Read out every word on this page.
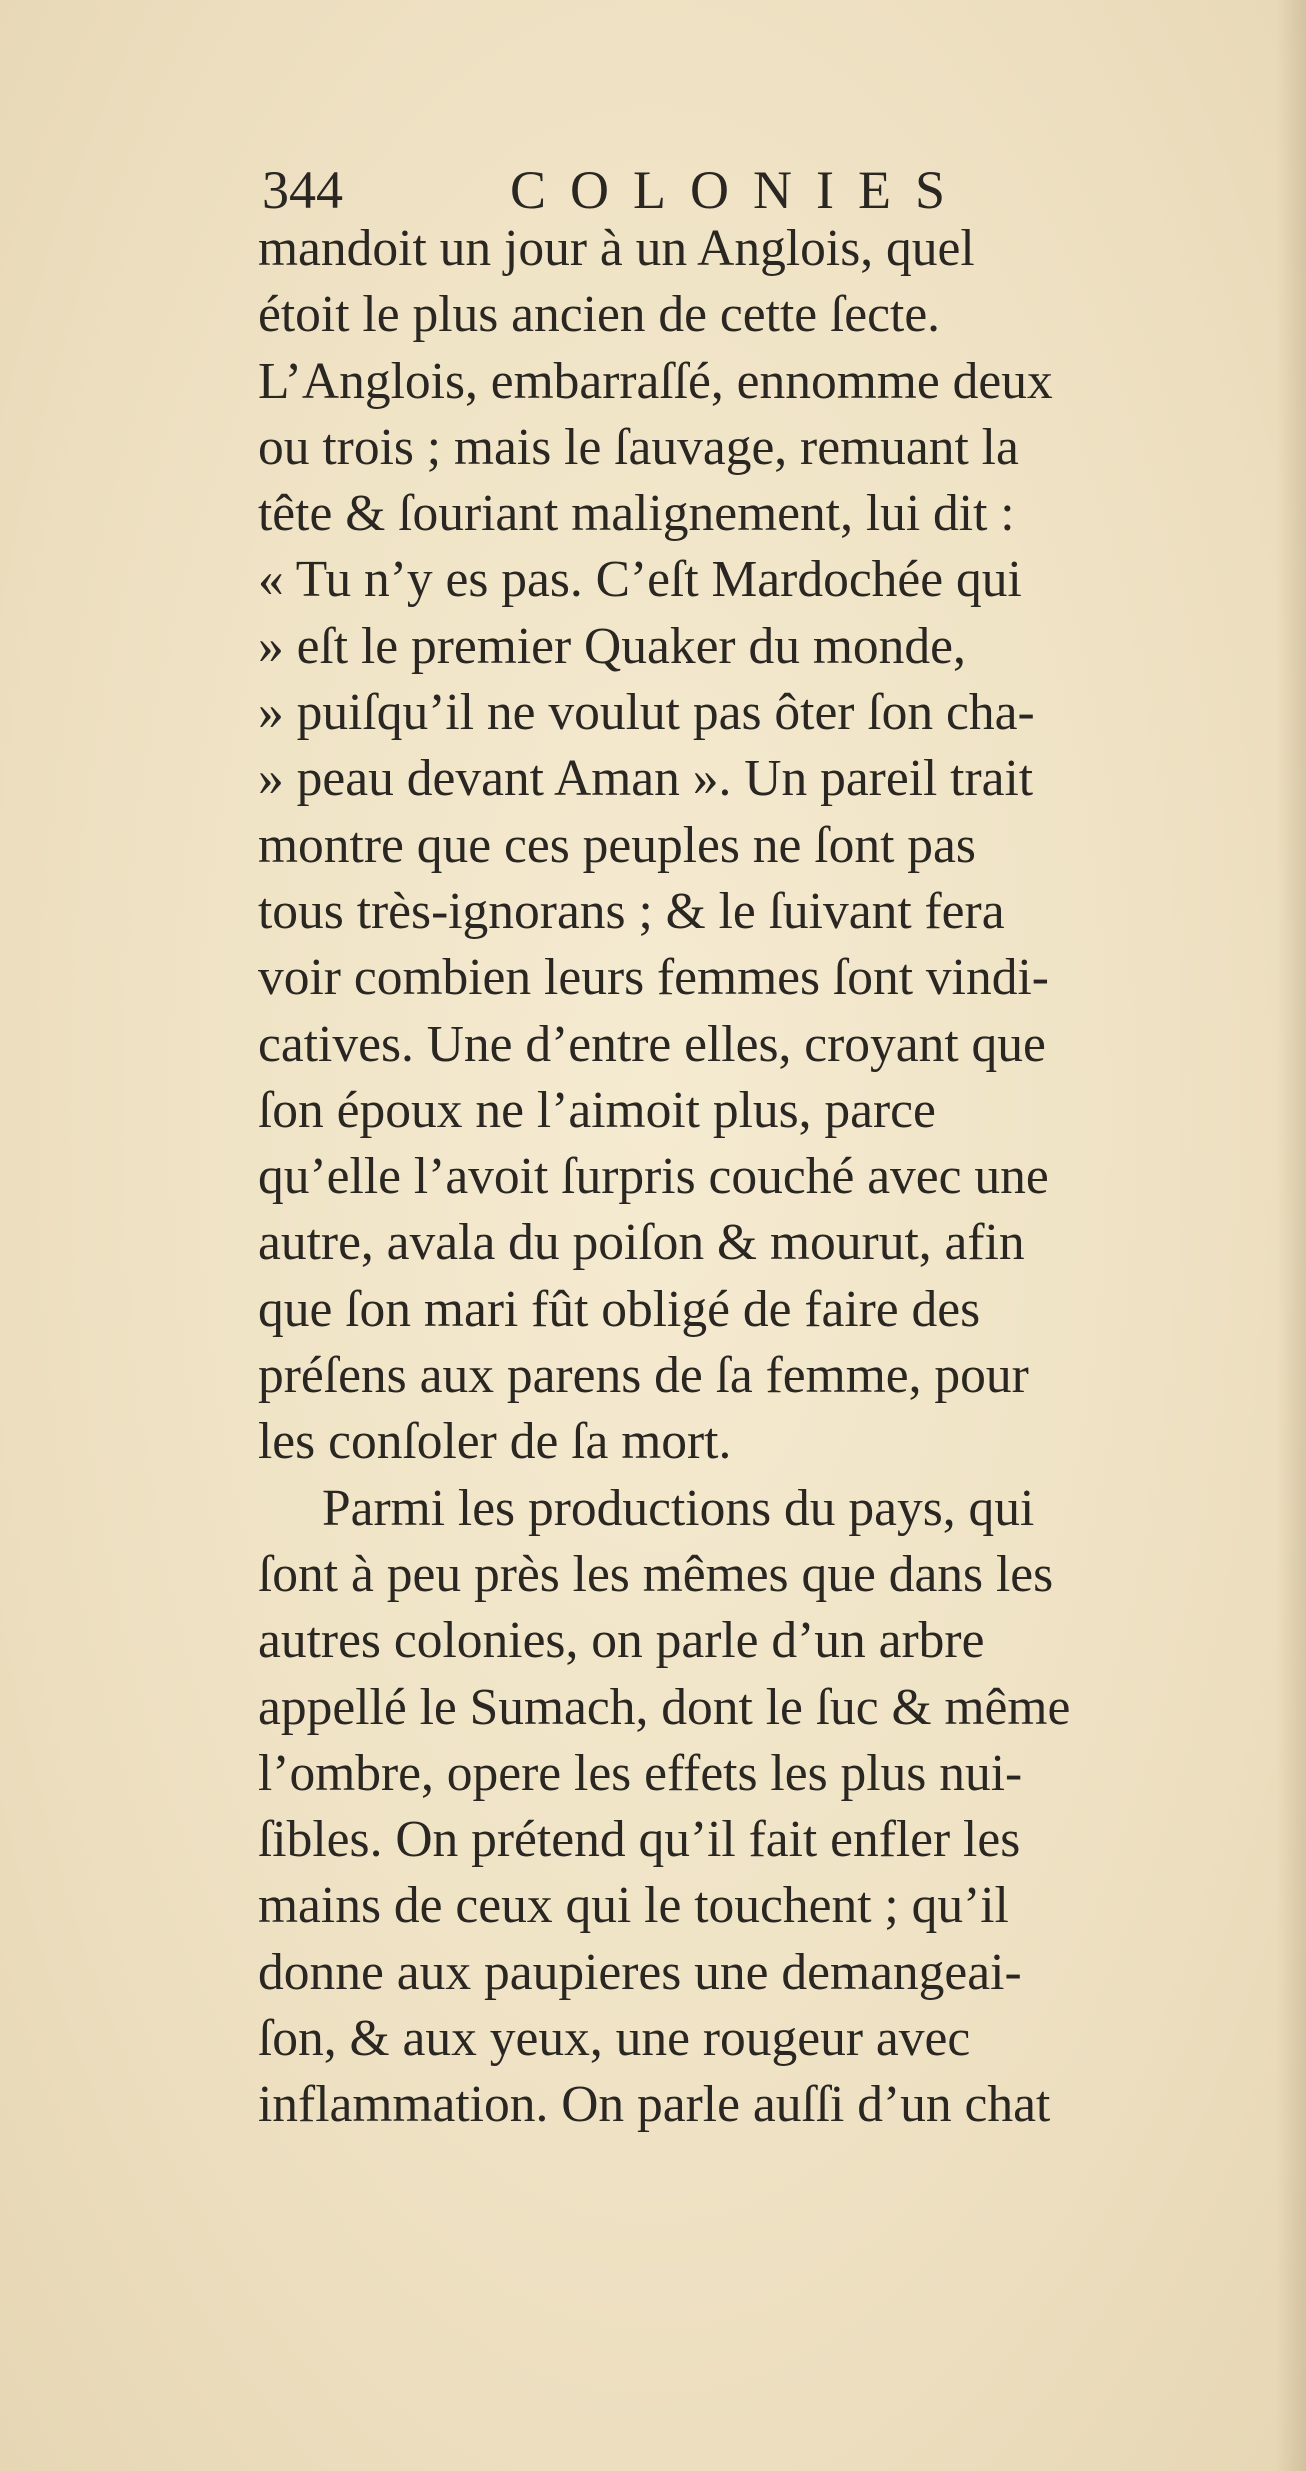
344	COLONIES
mandoit un jour à un Anglois, quel
étoit le plus ancien de cette ſecte.
L’Anglois, embarraſſé, ennomme deux
ou trois ; mais le ſauvage, remuant la
tête & ſouriant malignement, lui dit :
« Tu n’y es pas. C’eſt Mardochée qui
» eſt le premier Quaker du monde,
» puiſqu’il ne voulut pas ôter ſon cha-
» peau devant Aman ». Un pareil trait
montre que ces peuples ne ſont pas
tous très-ignorans ; & le ſuivant fera
voir combien leurs femmes ſont vindi-
catives. Une d’entre elles, croyant que
ſon époux ne l’aimoit plus, parce
qu’elle l’avoit ſurpris couché avec une
autre, avala du poiſon & mourut, afin
que ſon mari fût obligé de faire des
préſens aux parens de ſa femme, pour
les conſoler de ſa mort.
Parmi les productions du pays, qui
ſont à peu près les mêmes que dans les
autres colonies, on parle d’un arbre
appellé le Sumach, dont le ſuc & même
l’ombre, opere les effets les plus nui-
ſibles. On prétend qu’il fait enfler les
mains de ceux qui le touchent ; qu’il
donne aux paupieres une demangeai-
ſon, & aux yeux, une rougeur avec
inflammation. On parle auſſi d’un chat
